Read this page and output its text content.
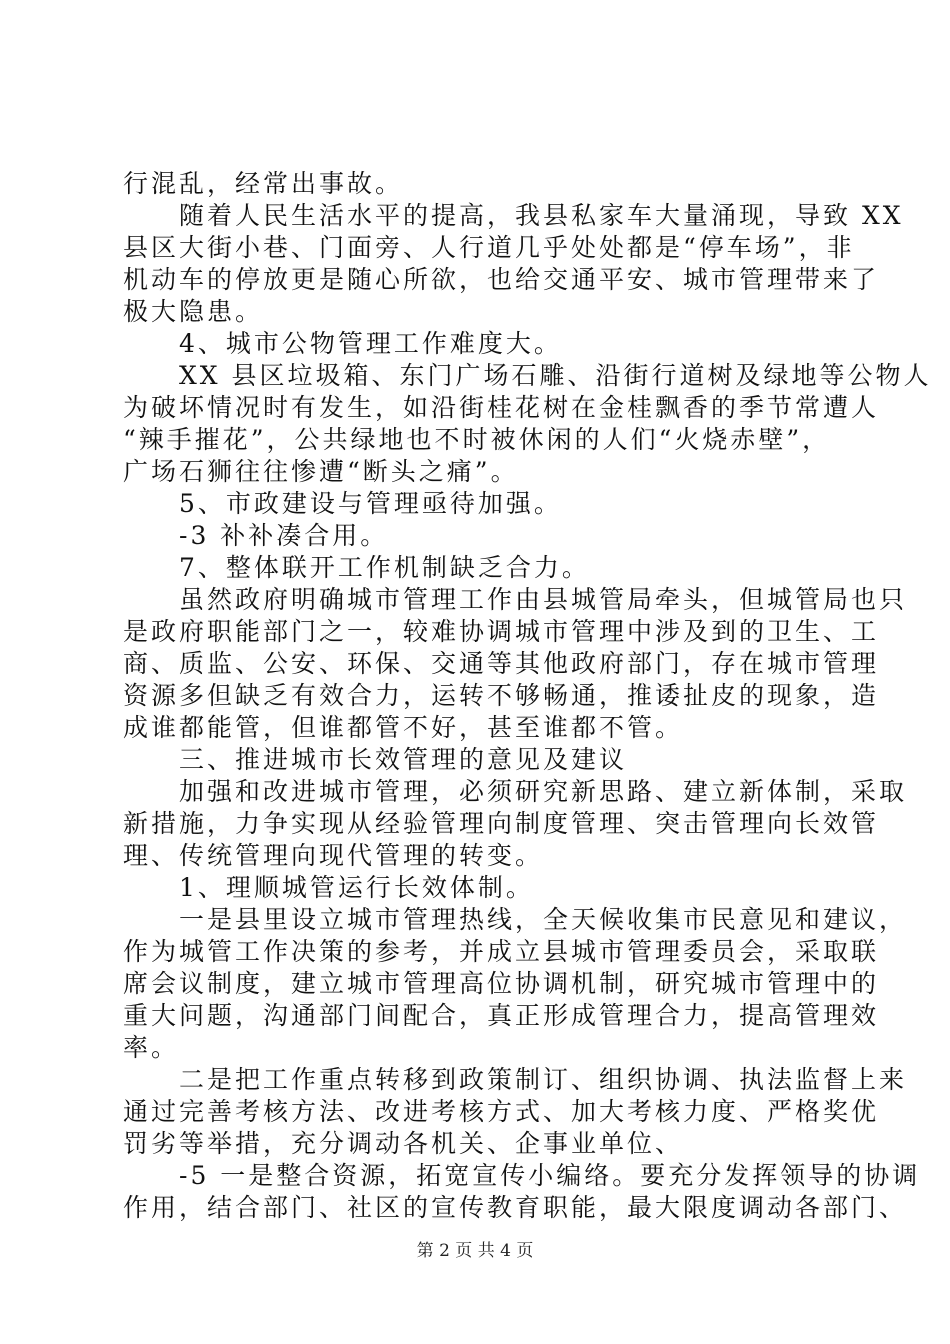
行混乱，经常出事故。
　　随着人民生活水平的提高，我县私家车大量涌现，导致 XX
县区大街小巷、门面旁、人行道几乎处处都是“停车场”，非
机动车的停放更是随心所欲，也给交通平安、城市管理带来了
极大隐患。
　　4、城市公物管理工作难度大。
　　XX 县区垃圾箱、东门广场石雕、沿街行道树及绿地等公物人
为破坏情况时有发生，如沿街桂花树在金桂飘香的季节常遭人
“辣手摧花”，公共绿地也不时被休闲的人们“火烧赤壁”，
广场石狮往往惨遭“断头之痛”。
　　5、市政建设与管理亟待加强。
　　-3 补补凑合用。
　　7、整体联开工作机制缺乏合力。
　　虽然政府明确城市管理工作由县城管局牵头，但城管局也只
是政府职能部门之一，较难协调城市管理中涉及到的卫生、工
商、质监、公安、环保、交通等其他政府部门，存在城市管理
资源多但缺乏有效合力，运转不够畅通，推诿扯皮的现象，造
成谁都能管，但谁都管不好，甚至谁都不管。
　　三、推进城市长效管理的意见及建议
　　加强和改进城市管理，必须研究新思路、建立新体制，采取
新措施，力争实现从经验管理向制度管理、突击管理向长效管
理、传统管理向现代管理的转变。
　　1、理顺城管运行长效体制。
　　一是县里设立城市管理热线，全天候收集市民意见和建议，
作为城管工作决策的参考，并成立县城市管理委员会，采取联
席会议制度，建立城市管理高位协调机制，研究城市管理中的
重大问题，沟通部门间配合，真正形成管理合力，提高管理效
率。
　　二是把工作重点转移到政策制订、组织协调、执法监督上来
通过完善考核方法、改进考核方式、加大考核力度、严格奖优
罚劣等举措，充分调动各机关、企事业单位、
　　-5 一是整合资源，拓宽宣传小编络。要充分发挥领导的协调
作用，结合部门、社区的宣传教育职能，最大限度调动各部门、
第 2 页 共 4 页
